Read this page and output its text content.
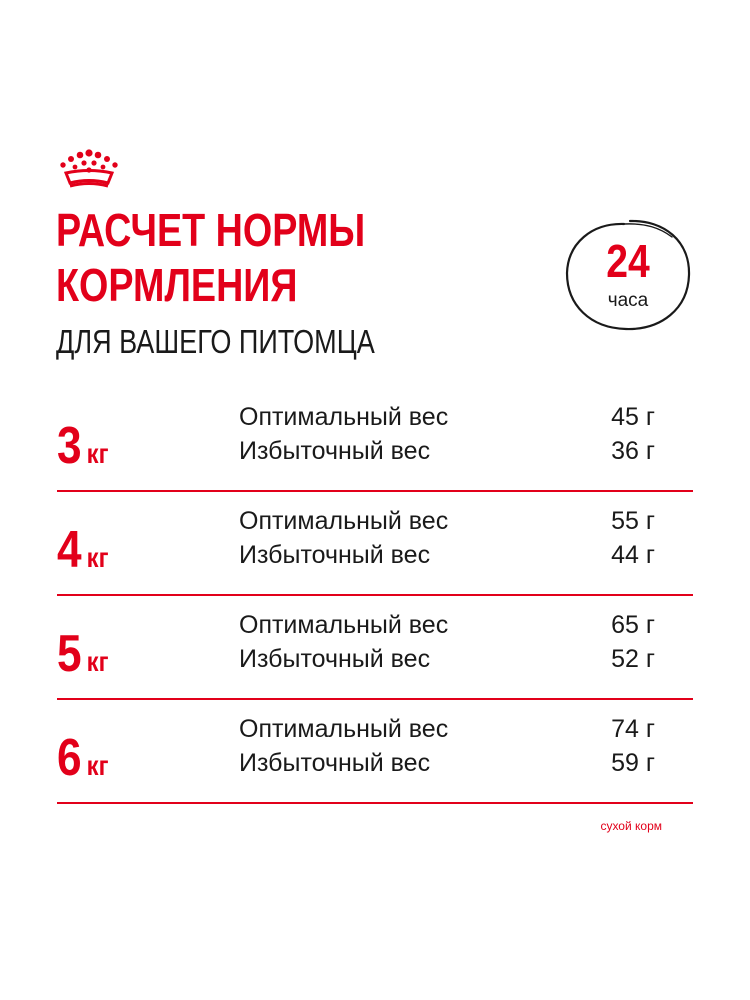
РАСЧЕТ НОРМЫ
КОРМЛЕНИЯ

ДЛЯ ВАШЕГО ПИТОМЦА

24
часа
3 кг
Оптимальный вес	45 г
Избыточный вес	36 г
4 кг
Оптимальный вес	55 г
Избыточный вес	44 г
5 кг
Оптимальный вес	65 г
Избыточный вес	52 г
6 кг
Оптимальный вес	74 г
Избыточный вес	59 г
сухой корм
